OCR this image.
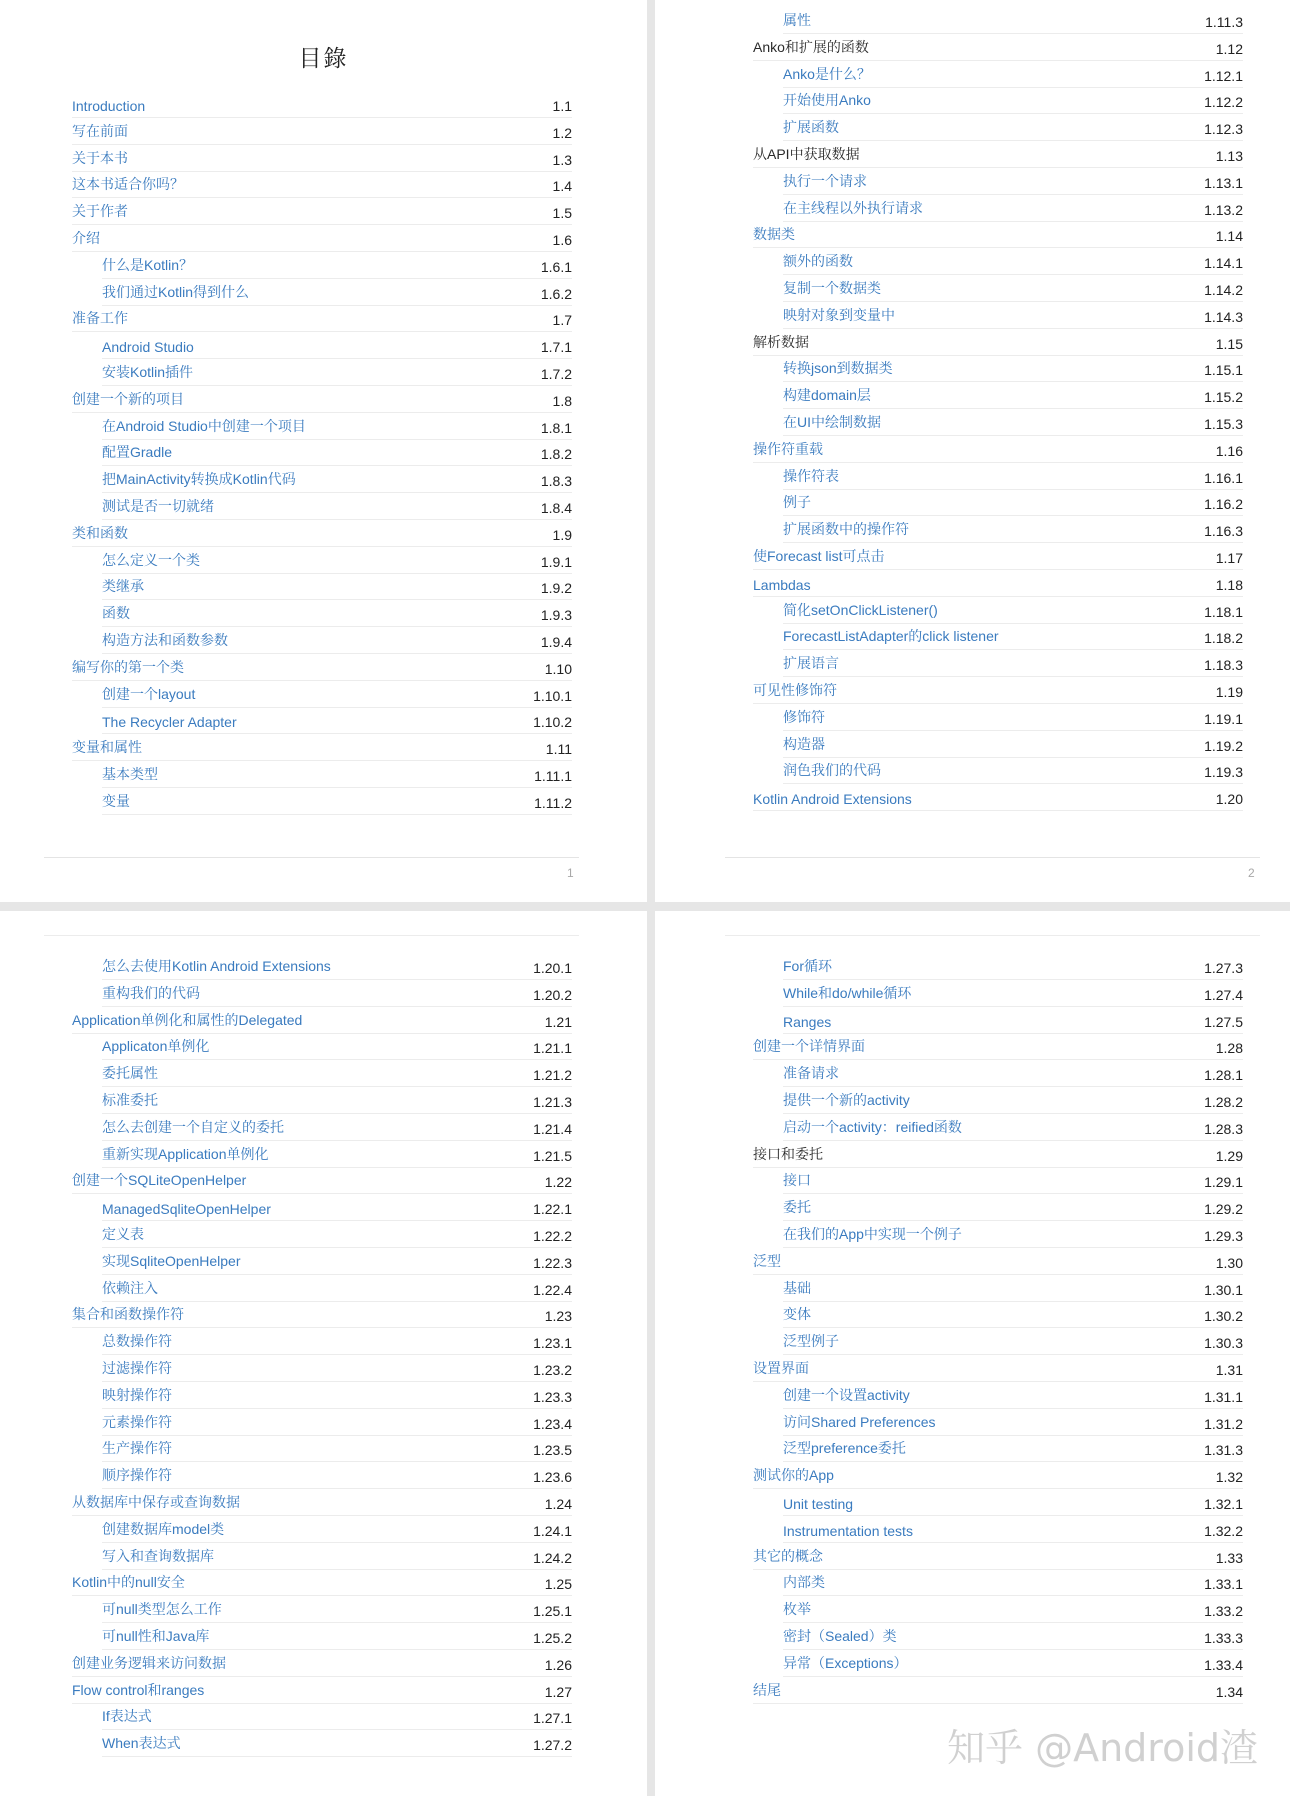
目錄
Introduction	1.1
写在前面	1.2
关于本书	1.3
这本书适合你吗？	1.4
关于作者	1.5
介绍	1.6
什么是Kotlin？	1.6.1
我们通过Kotlin得到什么	1.6.2
准备工作	1.7
Android Studio	1.7.1
安装Kotlin插件	1.7.2
创建一个新的项目	1.8
在Android Studio中创建一个项目	1.8.1
配置Gradle	1.8.2
把MainActivity转换成Kotlin代码	1.8.3
测试是否一切就绪	1.8.4
类和函数	1.9
怎么定义一个类	1.9.1
类继承	1.9.2
函数	1.9.3
构造方法和函数参数	1.9.4
编写你的第一个类	1.10
创建一个layout	1.10.1
The Recycler Adapter	1.10.2
变量和属性	1.11
基本类型	1.11.1
变量	1.11.2
1
属性	1.11.3
Anko和扩展的函数	1.12
Anko是什么？	1.12.1
开始使用Anko	1.12.2
扩展函数	1.12.3
从API中获取数据	1.13
执行一个请求	1.13.1
在主线程以外执行请求	1.13.2
数据类	1.14
额外的函数	1.14.1
复制一个数据类	1.14.2
映射对象到变量中	1.14.3
解析数据	1.15
转换json到数据类	1.15.1
构建domain层	1.15.2
在UI中绘制数据	1.15.3
操作符重载	1.16
操作符表	1.16.1
例子	1.16.2
扩展函数中的操作符	1.16.3
使Forecast list可点击	1.17
Lambdas	1.18
简化setOnClickListener()	1.18.1
ForecastListAdapter的click listener	1.18.2
扩展语言	1.18.3
可见性修饰符	1.19
修饰符	1.19.1
构造器	1.19.2
润色我们的代码	1.19.3
Kotlin Android Extensions	1.20
2
怎么去使用Kotlin Android Extensions	1.20.1
重构我们的代码	1.20.2
Application单例化和属性的Delegated	1.21
Applicaton单例化	1.21.1
委托属性	1.21.2
标准委托	1.21.3
怎么去创建一个自定义的委托	1.21.4
重新实现Application单例化	1.21.5
创建一个SQLiteOpenHelper	1.22
ManagedSqliteOpenHelper	1.22.1
定义表	1.22.2
实现SqliteOpenHelper	1.22.3
依赖注入	1.22.4
集合和函数操作符	1.23
总数操作符	1.23.1
过滤操作符	1.23.2
映射操作符	1.23.3
元素操作符	1.23.4
生产操作符	1.23.5
顺序操作符	1.23.6
从数据库中保存或查询数据	1.24
创建数据库model类	1.24.1
写入和查询数据库	1.24.2
Kotlin中的null安全	1.25
可null类型怎么工作	1.25.1
可null性和Java库	1.25.2
创建业务逻辑来访问数据	1.26
Flow control和ranges	1.27
If表达式	1.27.1
When表达式	1.27.2
For循环	1.27.3
While和do/while循环	1.27.4
Ranges	1.27.5
创建一个详情界面	1.28
准备请求	1.28.1
提供一个新的activity	1.28.2
启动一个activity：reified函数	1.28.3
接口和委托	1.29
接口	1.29.1
委托	1.29.2
在我们的App中实现一个例子	1.29.3
泛型	1.30
基础	1.30.1
变体	1.30.2
泛型例子	1.30.3
设置界面	1.31
创建一个设置activity	1.31.1
访问Shared Preferences	1.31.2
泛型preference委托	1.31.3
测试你的App	1.32
Unit testing	1.32.1
Instrumentation tests	1.32.2
其它的概念	1.33
内部类	1.33.1
枚举	1.33.2
密封（Sealed）类	1.33.3
异常（Exceptions）	1.33.4
结尾	1.34
知乎 @Android渣
